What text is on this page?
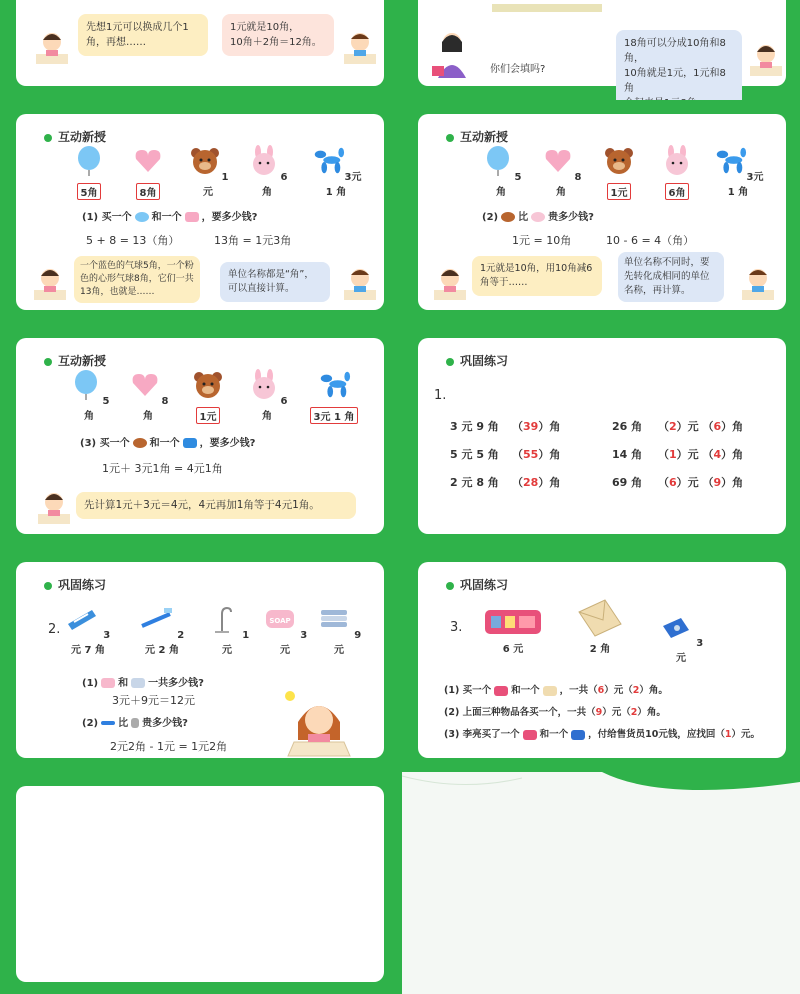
先想1元可以换成几个1角，再想……
1元就是10角，
10角＋2角＝12角。
你们会填吗?
18角可以分成10角和8角，
10角就是1元，1元和8角
互动新授
5角	8角
1元
6角
3元 1 角
(1) 买一个 和一个 ，要多少钱?
5 + 8 = 13（角）	13角 = 1元3角
一个蓝色的气球5角，一个粉色的心形气球8角，它们一共13角，也就是……
单位名称都是“角”，可以直接计算。
互动新授
5角
8角	1元	6角
3元 1 角
(2) 比 贵多少钱?
1元 = 10角	10 - 6 = 4（角）
1元就是10角，用10角减6角等于……
单位名称不同时，要先转化成相同的单位名称，再计算。
互动新授
5角
8角	1元
6角	3元 1 角
(3) 买一个 和一个 ，要多少钱?
1元＋ 3元1角 = 4元1角
先计算1元＋3元＝4元，4元再加1角等于4元1角。
巩固练习
1.
3 元 9 角 （39）角	26 角 （2）元 （6）角
5 元 5 角 （55）角	14 角 （1）元 （4）角
2 元 8 角 （28）角	69 角 （6）元 （9）角
巩固练习
2.	3 元 7 角
2 元 2 角
1 元
SOAP
3 元
9 元
(1) 和 一共多少钱?
3元＋9元＝12元
(2) 比 贵多少钱?
2元2角 - 1元 = 1元2角
巩固练习
3.
6 元	2 角
3 元
(1) 买一个 和一个 ，一共（6）元（2）角。
(2) 上面三种物品各买一个，一共（9）元（2）角。
(3) 李亮买了一个 和一个 ，付给售货员10元钱，应找回（1）元。
